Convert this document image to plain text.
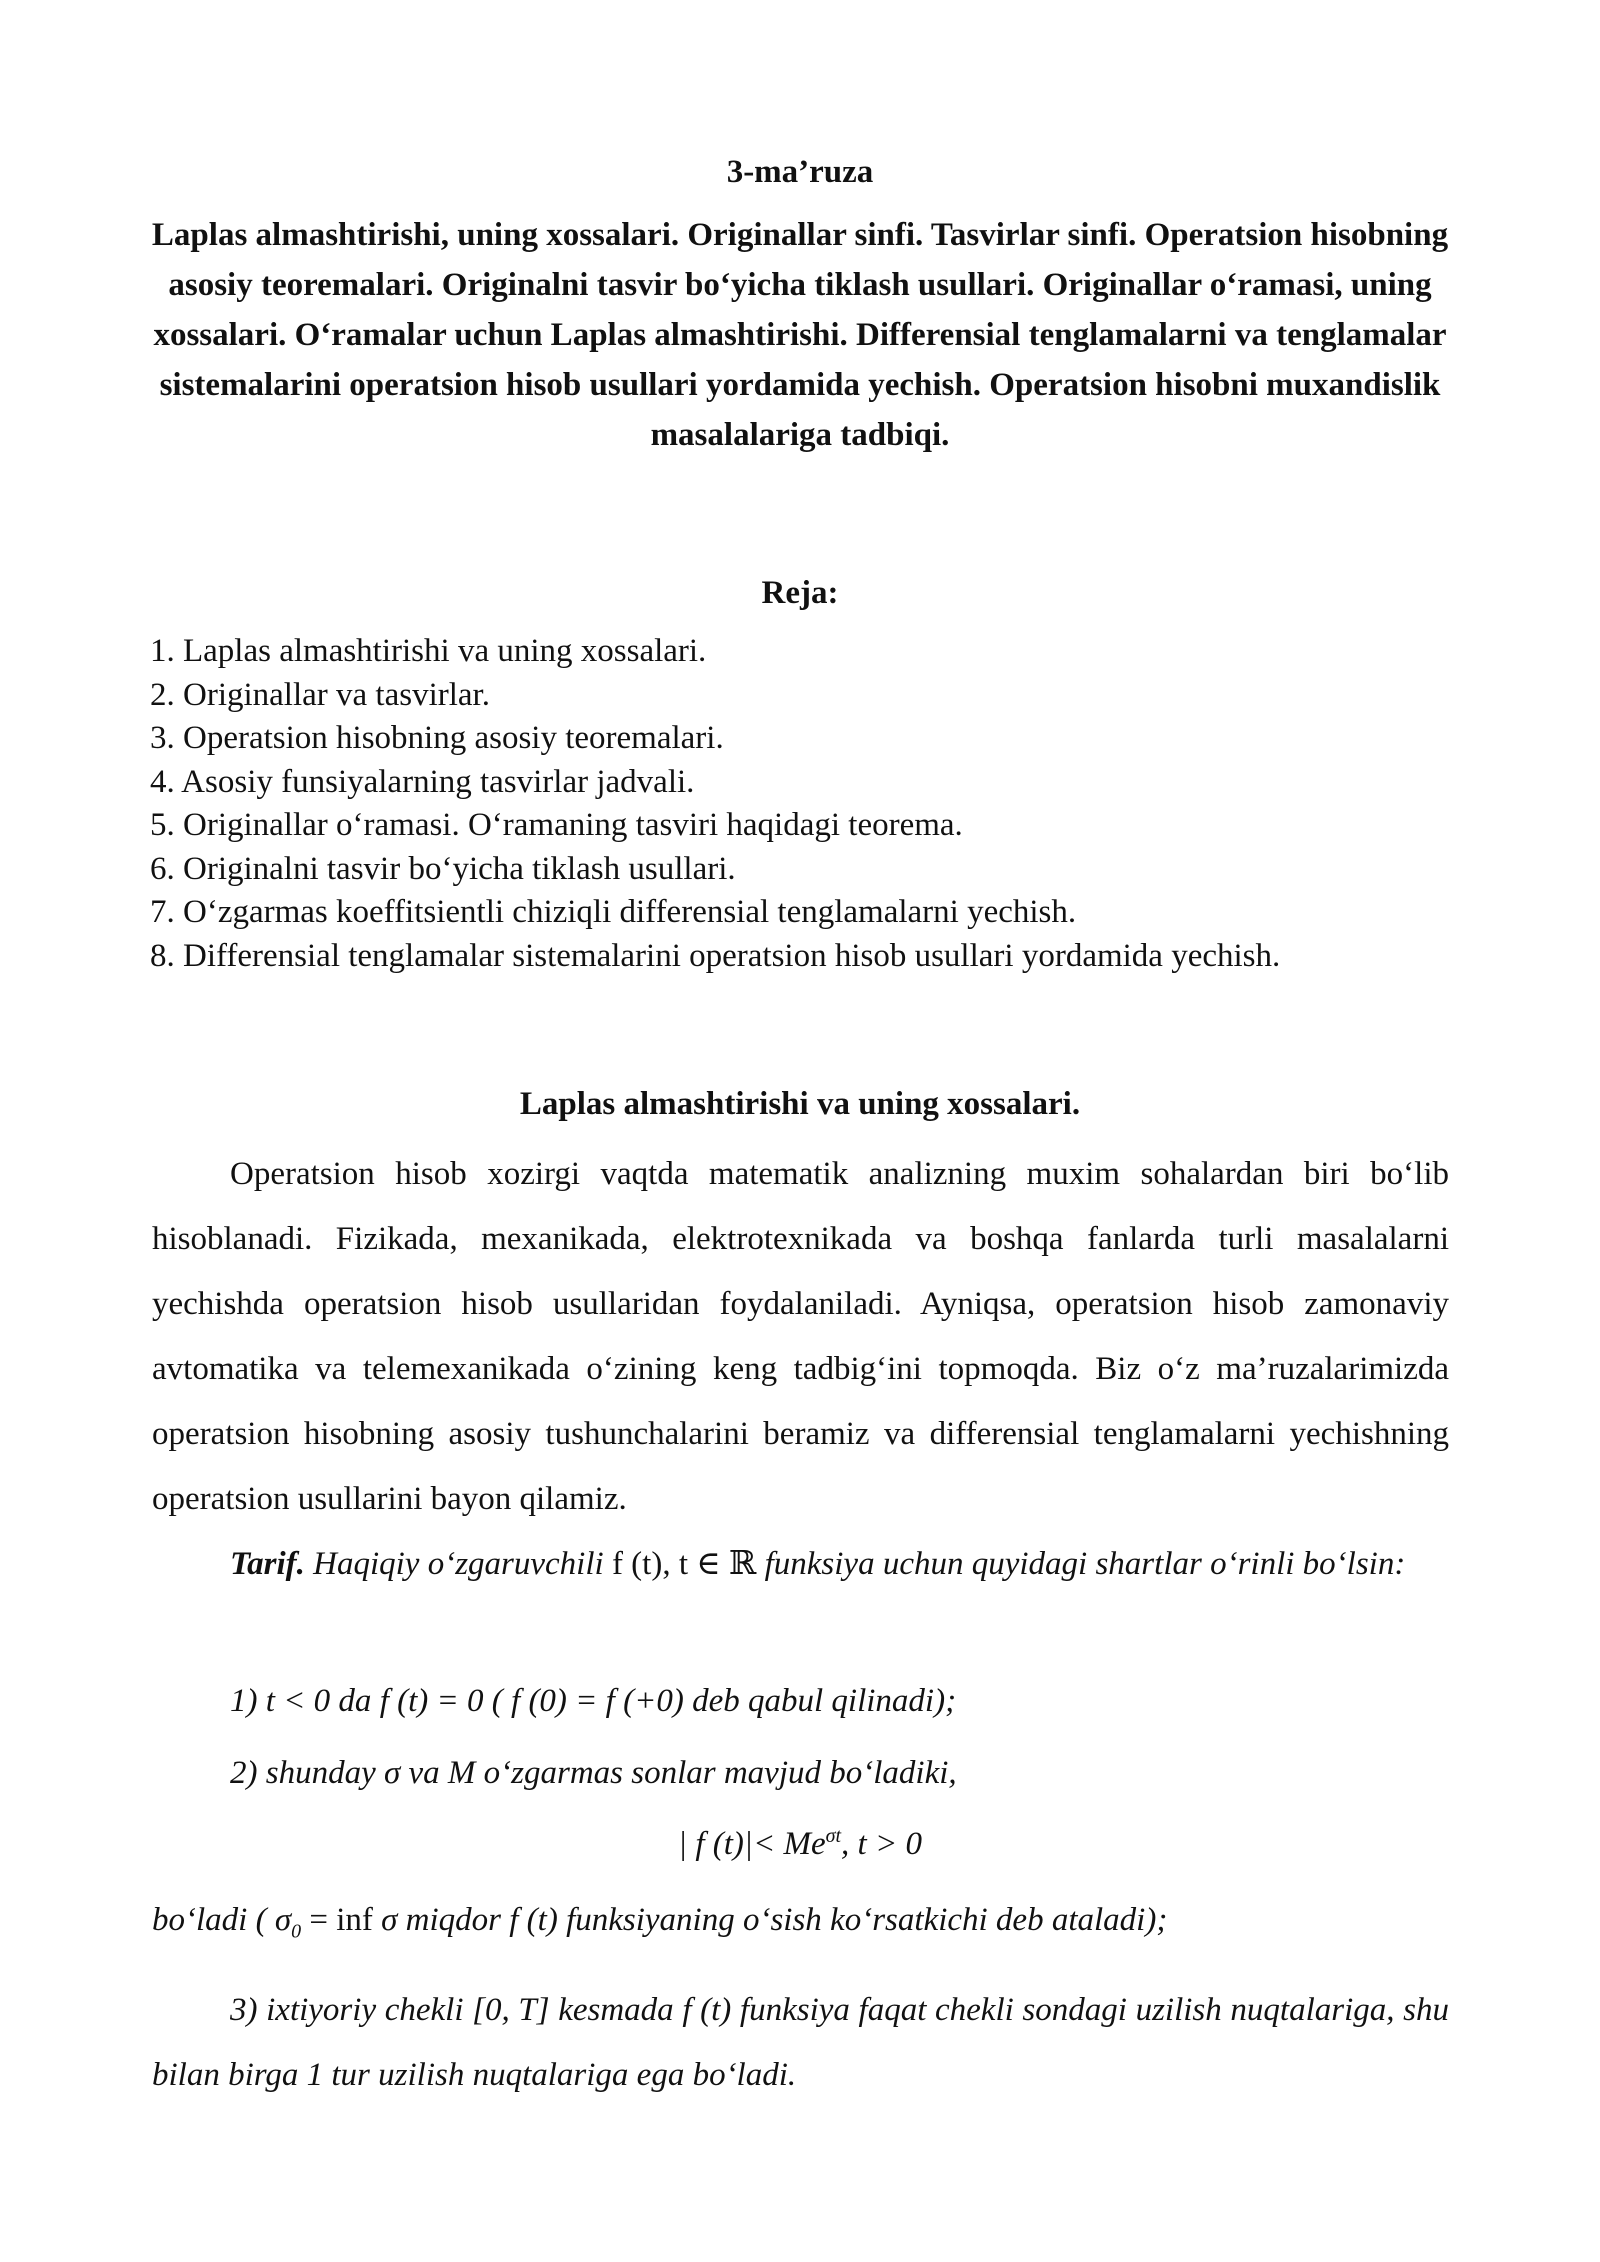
3-ma’ruza
Laplas almashtirishi, uning xossalari. Originallar sinfi. Tasvirlar sinfi. Operatsion hisobning asosiy teoremalari. Originalni tasvir bo‘yicha tiklash usullari. Originallar o‘ramasi, uning xossalari. O‘ramalar uchun Laplas almashtirishi. Differensial tenglamalarni va tenglamalar sistemalarini operatsion hisob usullari yordamida yechish. Operatsion hisobni muxandislik masalalariga tadbiqi.
Reja:
1. Laplas almashtirishi va uning xossalari.
2. Originallar va tasvirlar.
3. Operatsion hisobning asosiy teoremalari.
4. Asosiy funsiyalarning tasvirlar jadvali.
5. Originallar o‘ramasi. O‘ramaning tasviri haqidagi teorema.
6. Originalni tasvir bo‘yicha tiklash usullari.
7. O‘zgarmas koeffitsientli chiziqli differensial tenglamalarni yechish.
8. Differensial tenglamalar sistemalarini operatsion hisob usullari yordamida yechish.
Laplas almashtirishi va uning xossalari.

Operatsion hisob xozirgi vaqtda matematik analizning muxim sohalardan biri bo‘lib hisoblanadi. Fizikada, mexanikada, elektrotexnikada va boshqa fanlarda turli masalalarni yechishda operatsion hisob usullaridan foydalaniladi. Ayniqsa, operatsion hisob zamonaviy avtomatika va telemexanikada o‘zining keng tadbig‘ini topmoqda. Biz o‘z ma’ruzalarimizda operatsion hisobning asosiy tushunchalarini beramiz va differensial tenglamalarni yechishning operatsion usullarini bayon qilamiz.

Tarif. Haqiqiy o‘zgaruvchili f (t), t ∈ ℝ funksiya uchun quyidagi shartlar o‘rinli bo‘lsin:

1) t < 0 da f (t) = 0 ( f (0) = f (+0) deb qabul qilinadi);
2) shunday σ va M o‘zgarmas sonlar mavjud bo‘ladiki,
| f $(t)|< Me^{\sigma t}$, t > 0
bo‘ladi ( $\sigma_0$ = inf σ miqdor f (t) funksiyaning o‘sish ko‘rsatkichi deb ataladi);

3) ixtiyoriy chekli [0, T] kesmada f (t) funksiya faqat chekli sondagi uzilish nuqtalariga, shu bilan birga 1 tur uzilish nuqtalariga ega bo‘ladi.
